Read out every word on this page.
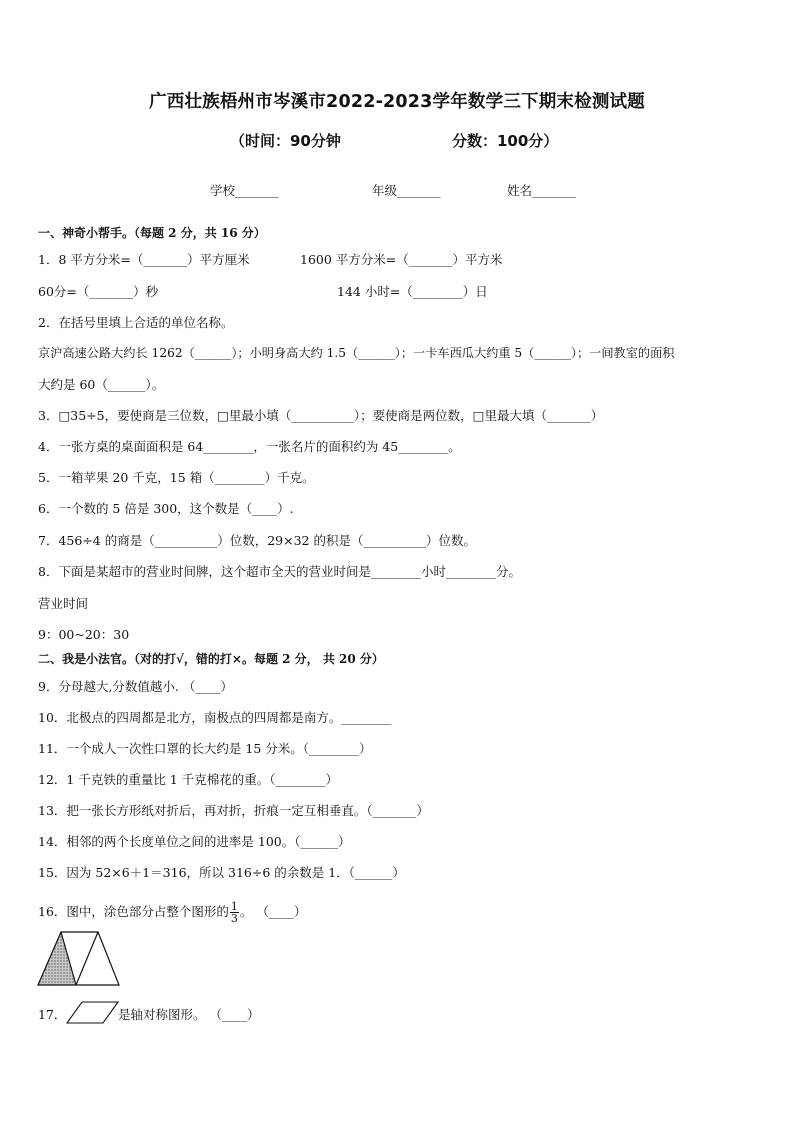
广西壮族梧州市岑溪市2022-2023学年数学三下期末检测试题
（时间：90分钟	分数：100分）
学校_______	年级_______	姓名_______
一、神奇小帮手。（每题 2 分，共 16 分）
1．8 平方分米=（_______）平方厘米	1600 平方分米=（_______）平方米
60分=（_______）秒	144 小时=（________）日
2．在括号里填上合适的单位名称。
京沪高速公路大约长 1262（______）；小明身高大约 1.5（______）；一卡车西瓜大约重 5（______）；一间教室的面积
大约是 60（______）。
3．□35÷5，要使商是三位数，□里最小填（__________）；要使商是两位数，□里最大填（_______）
4．一张方桌的桌面面积是 64________，一张名片的面积约为 45________。
5．一箱苹果 20 千克，15 箱（________）千克。
6．一个数的 5 倍是 300，这个数是（____）.
7．456÷4 的商是（__________）位数，29×32 的积是（__________）位数。
8．下面是某超市的营业时间牌，这个超市全天的营业时间是________小时________分。
营业时间
9：00~20：30
二、我是小法官。（对的打√，错的打×。每题 2 分， 共 20 分）
9．分母越大,分数值越小. （____）
10．北极点的四周都是北方，南极点的四周都是南方。________
11．一个成人一次性口罩的长大约是 15 分米。（________）
12．1 千克铁的重量比 1 千克棉花的重。（________）
13．把一张长方形纸对折后，再对折，折痕一定互相垂直。（_______）
14．相邻的两个长度单位之间的进率是 100。（______）
15．因为 52×6＋1＝316，所以 316÷6 的余数是 1．（______）
16．图中，涂色部分占整个图形的 $\frac{1}{3}$ 。 （____）
17．	是轴对称图形。 （____）
